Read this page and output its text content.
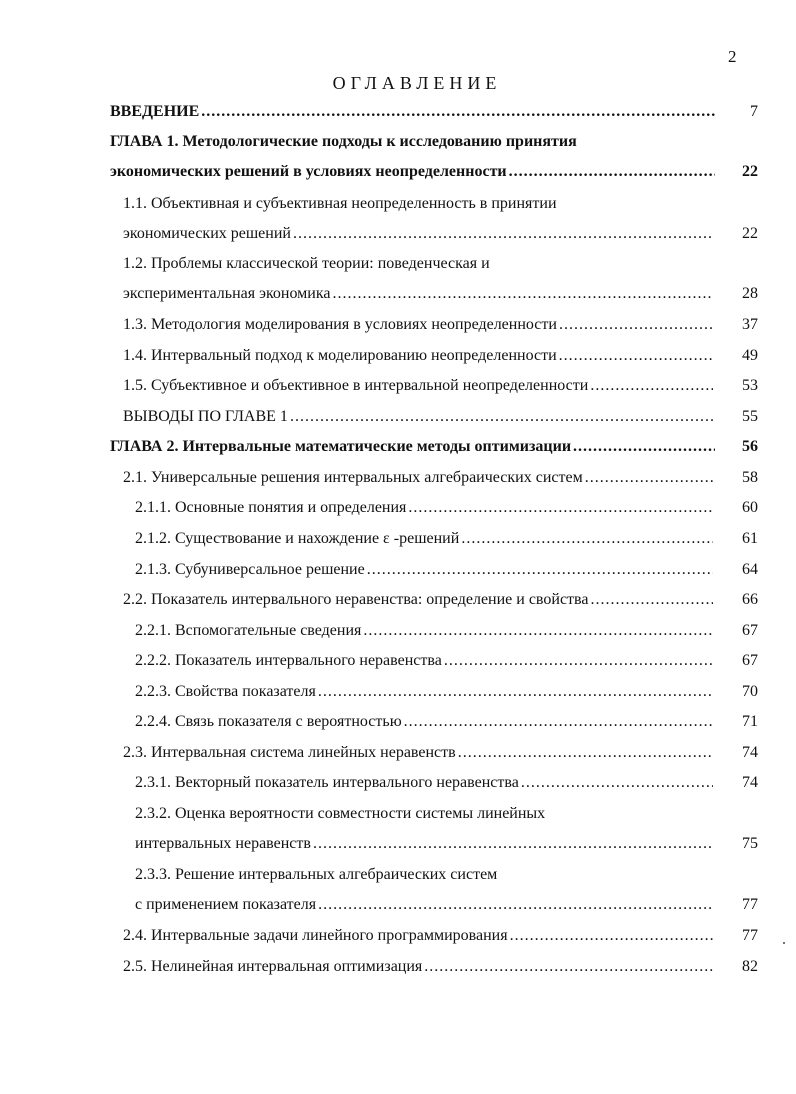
2
ОГЛАВЛЕНИЕ
ВВЕДЕНИЕ .....	7
ГЛАВА 1. Методологические подходы к исследованию принятия
экономических решений в условиях неопределенности .....	22
1.1. Объективная и субъективная неопределенность в принятии
экономических решений .....	22
1.2. Проблемы классической теории: поведенческая и
экспериментальная экономика .....	28
1.3. Методология моделирования в условиях неопределенности .....	37
1.4. Интервальный подход к моделированию неопределенности .....	49
1.5. Субъективное и объективное в интервальной неопределенности .....	53
ВЫВОДЫ ПО ГЛАВЕ 1 .....	55
ГЛАВА 2. Интервальные математические методы оптимизации .....	56
2.1. Универсальные решения интервальных алгебраических систем .....	58
2.1.1. Основные понятия и определения .....	60
2.1.2. Существование и нахождение ε -решений .....	61
2.1.3. Субуниверсальное решение .....	64
2.2. Показатель интервального неравенства: определение и свойства .....	66
2.2.1. Вспомогательные сведения .....	67
2.2.2. Показатель интервального неравенства .....	67
2.2.3. Свойства показателя .....	70
2.2.4. Связь показателя с вероятностью .....	71
2.3. Интервальная система линейных неравенств .....	74
2.3.1. Векторный показатель интервального неравенства .....	74
2.3.2. Оценка вероятности совместности системы линейных
интервальных неравенств .....	75
2.3.3. Решение интервальных алгебраических систем
с применением показателя .....	77
2.4. Интервальные задачи линейного программирования .....	77
2.5. Нелинейная интервальная оптимизация .....	82
